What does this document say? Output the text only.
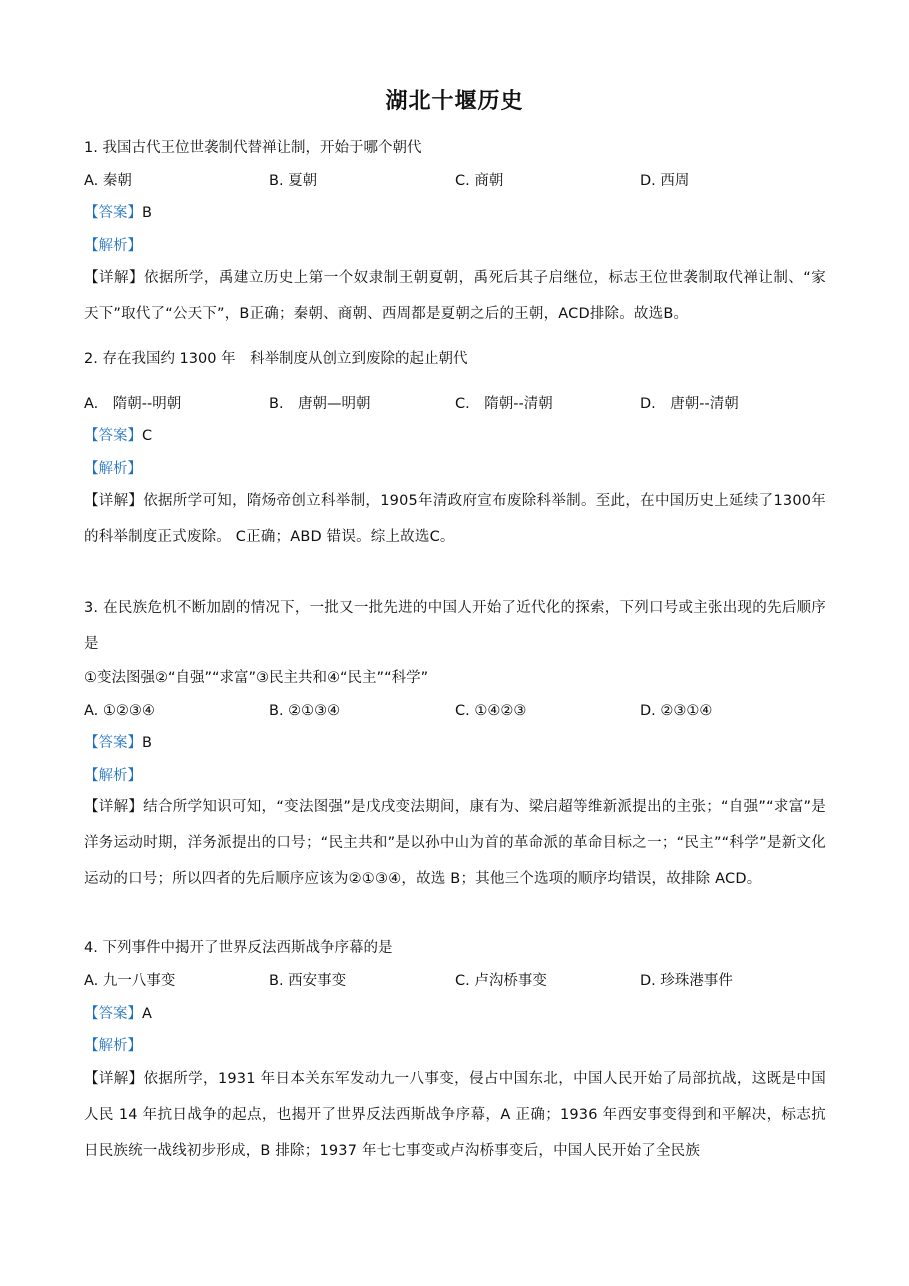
湖北十堰历史
1. 我国古代王位世袭制代替禅让制，开始于哪个朝代
A. 秦朝	B. 夏朝	C. 商朝	D. 西周
【答案】B
【解析】
【详解】依据所学，禹建立历史上第一个奴隶制王朝夏朝，禹死后其子启继位，标志王位世袭制取代禅让制、“家天下”取代了“公天下”，B正确；秦朝、商朝、西周都是夏朝之后的王朝，ACD排除。故选B。
2. 存在我国约 1300 年　科举制度从创立到废除的起止朝代
A.　隋朝--明朝	B.　唐朝—明朝	C.　隋朝--清朝	D.　唐朝--清朝
【答案】C
【解析】
【详解】依据所学可知，隋炀帝创立科举制，1905年清政府宣布废除科举制。至此，在中国历史上延续了1300年的科举制度正式废除。 C正确；ABD 错误。综上故选C。
3. 在民族危机不断加剧的情况下，一批又一批先进的中国人开始了近代化的探索，下列口号或主张出现的先后顺序是
①变法图强②“自强”“求富”③民主共和④“民主”“科学”
A. ①②③④	B. ②①③④	C. ①④②③	D. ②③①④
【答案】B
【解析】
【详解】结合所学知识可知，“变法图强”是戊戌变法期间，康有为、梁启超等维新派提出的主张；“自强”“求富”是洋务运动时期，洋务派提出的口号；“民主共和”是以孙中山为首的革命派的革命目标之一；“民主”“科学”是新文化运动的口号；所以四者的先后顺序应该为②①③④，故选 B；其他三个选项的顺序均错误，故排除 ACD。
4. 下列事件中揭开了世界反法西斯战争序幕的是
A. 九一八事变	B. 西安事变	C. 卢沟桥事变	D. 珍珠港事件
【答案】A
【解析】
【详解】依据所学，1931 年日本关东军发动九一八事变，侵占中国东北，中国人民开始了局部抗战，这既是中国人民 14 年抗日战争的起点，也揭开了世界反法西斯战争序幕，A 正确；1936 年西安事变得到和平解决，标志抗日民族统一战线初步形成，B 排除；1937 年七七事变或卢沟桥事变后，中国人民开始了全民族
